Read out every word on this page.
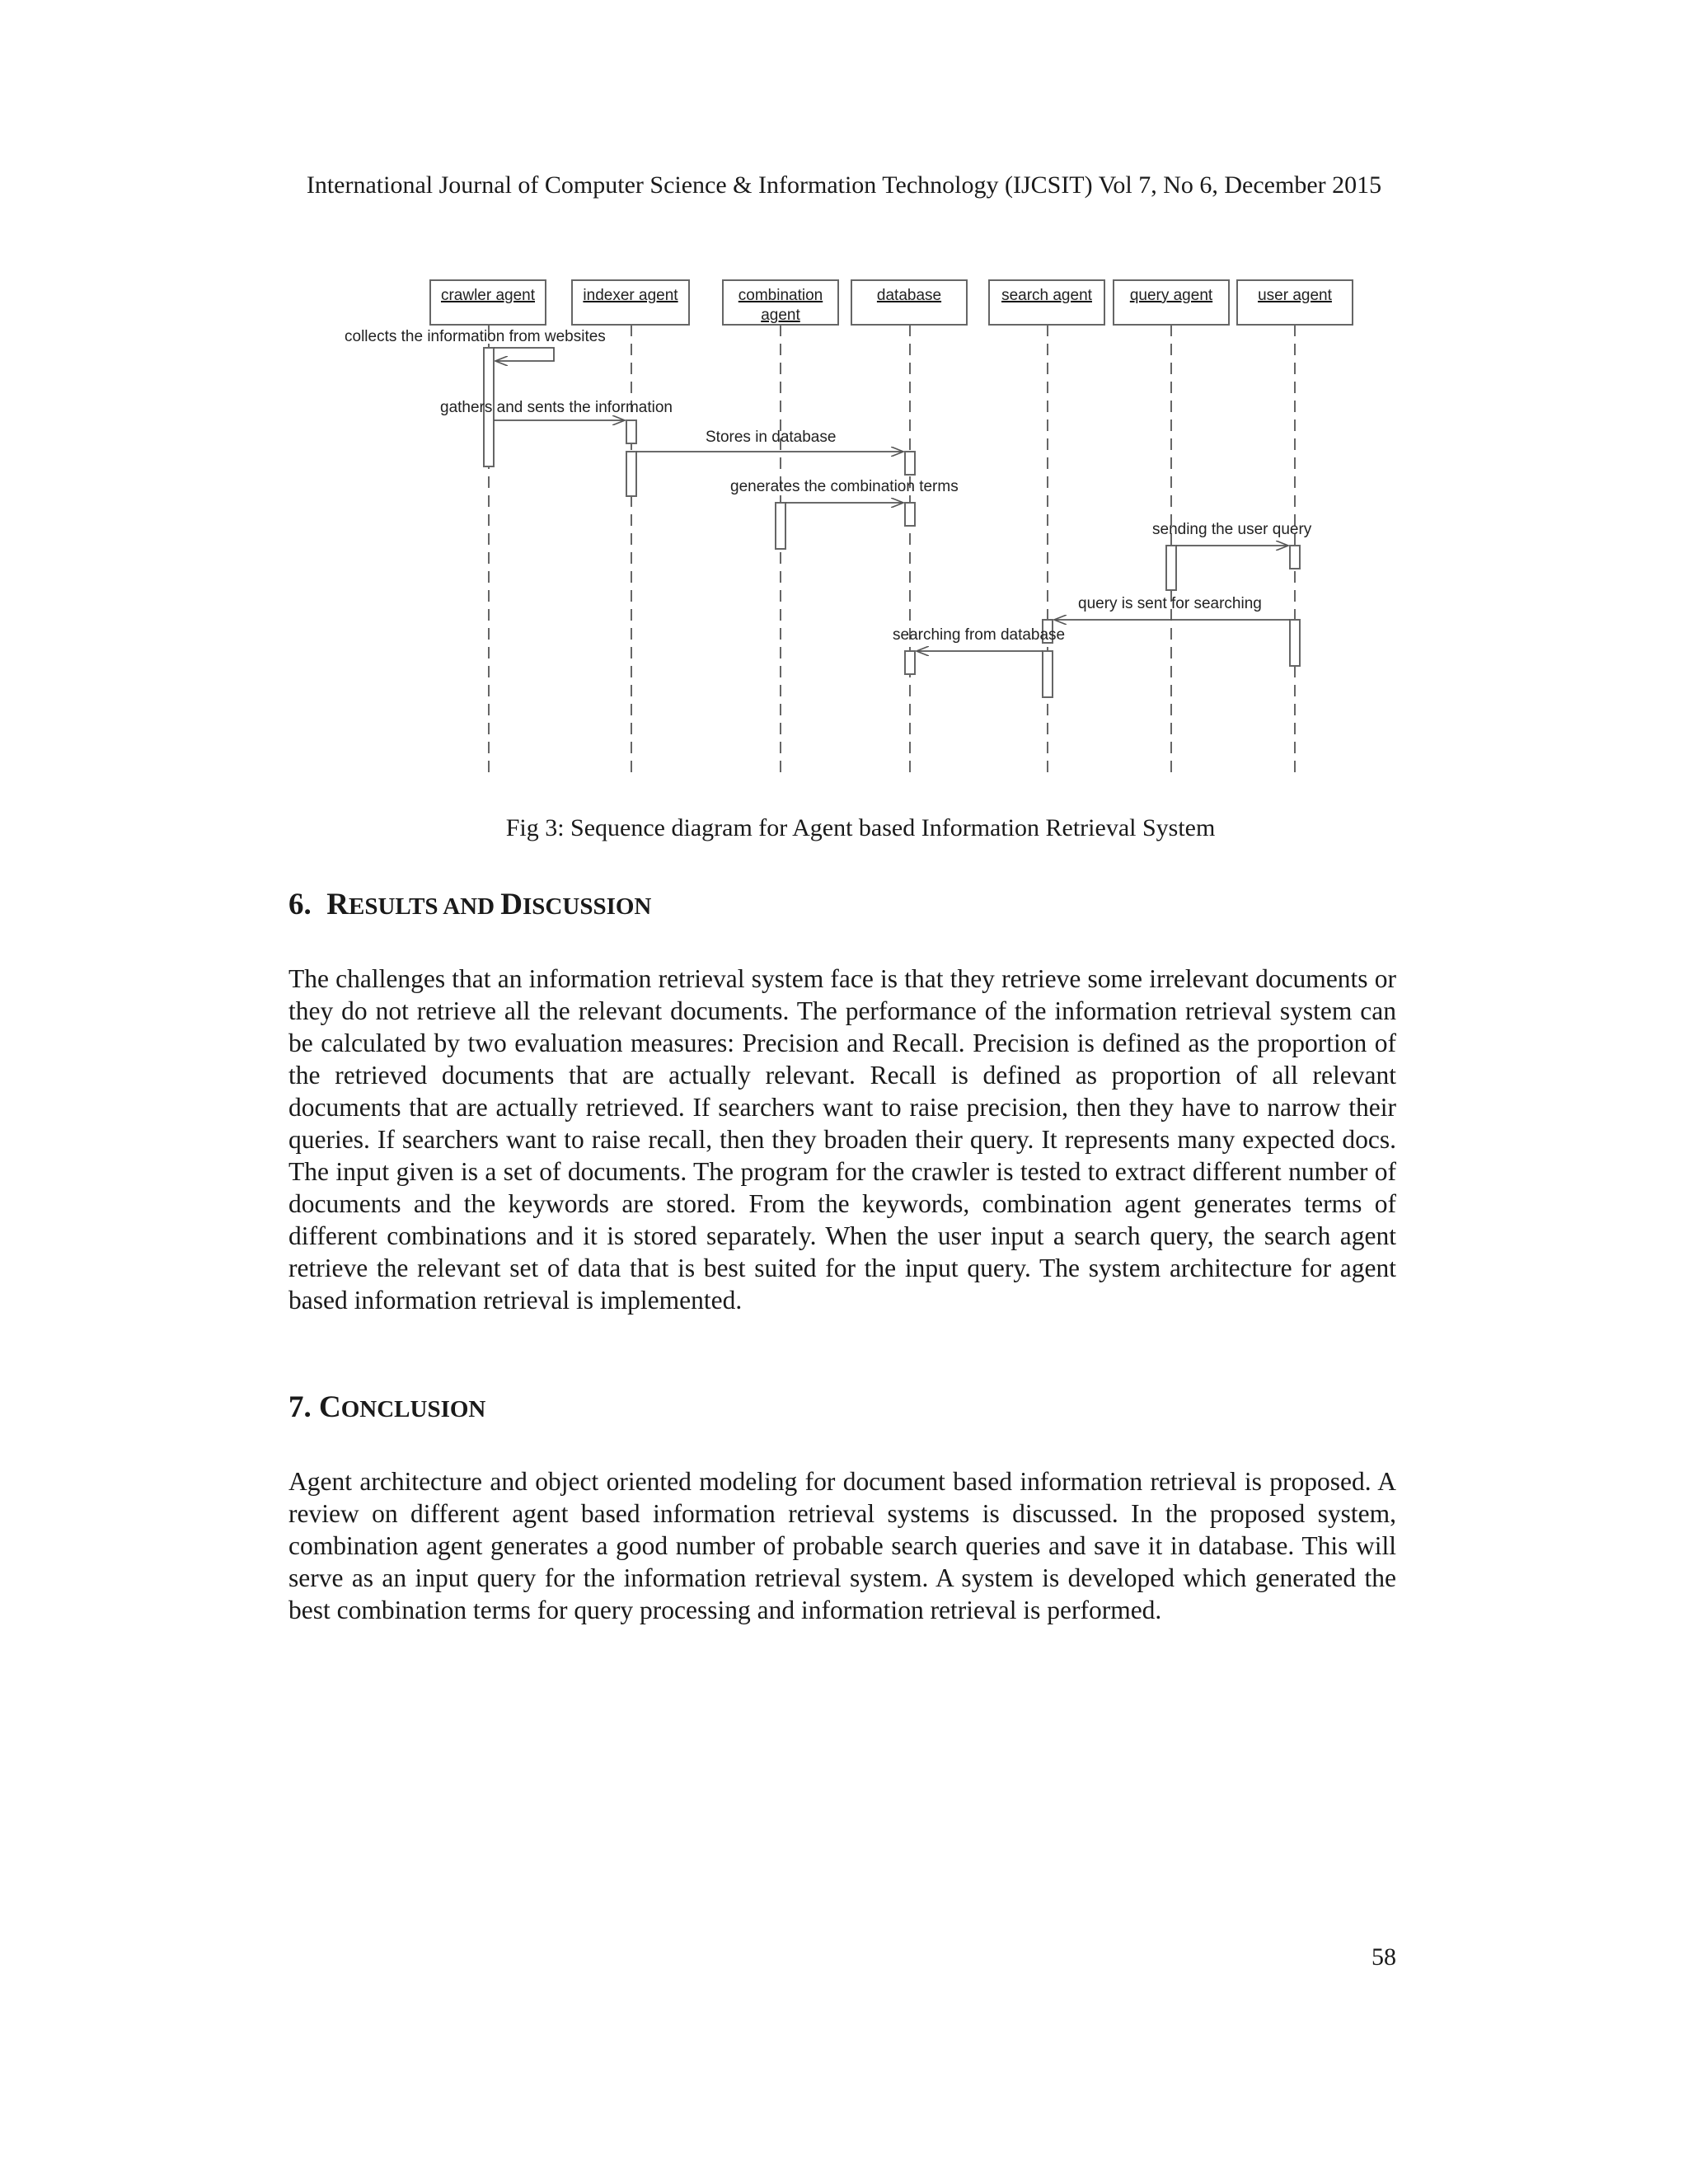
International Journal of Computer Science & Information Technology (IJCSIT) Vol 7, No 6, December 2015
crawler agent	indexer agent	combination
agent
database	search agent query agent	user agent
collects the information from websites
gathers and sents the information
Stores in database
generates the combination terms
sending the user query
query is sent for searching
searching from database
Fig 3: Sequence diagram for Agent based Information Retrieval System
6. RESULTS AND DISCUSSION
The challenges that an information retrieval system face is that they retrieve some irrelevant documents or they do not retrieve all the relevant documents. The performance of the information retrieval system can be calculated by two evaluation measures: Precision and Recall. Precision is defined as the proportion of the retrieved documents that are actually relevant. Recall is defined as proportion of all relevant documents that are actually retrieved. If searchers want to raise precision, then they have to narrow their queries. If searchers want to raise recall, then they broaden their query. It represents many expected docs. The input given is a set of documents. The program for the crawler is tested to extract different number of documents and the keywords are stored. From the keywords, combination agent generates terms of different combinations and it is stored separately. When the user input a search query, the search agent retrieve the relevant set of data that is best suited for the input query. The system architecture for agent based information retrieval is implemented.
7. CONCLUSION
Agent architecture and object oriented modeling for document based information retrieval is proposed. A review on different agent based information retrieval systems is discussed. In the proposed system, combination agent generates a good number of probable search queries and save it in database. This will serve as an input query for the information retrieval system. A system is developed which generated the best combination terms for query processing and information retrieval is performed.
58
